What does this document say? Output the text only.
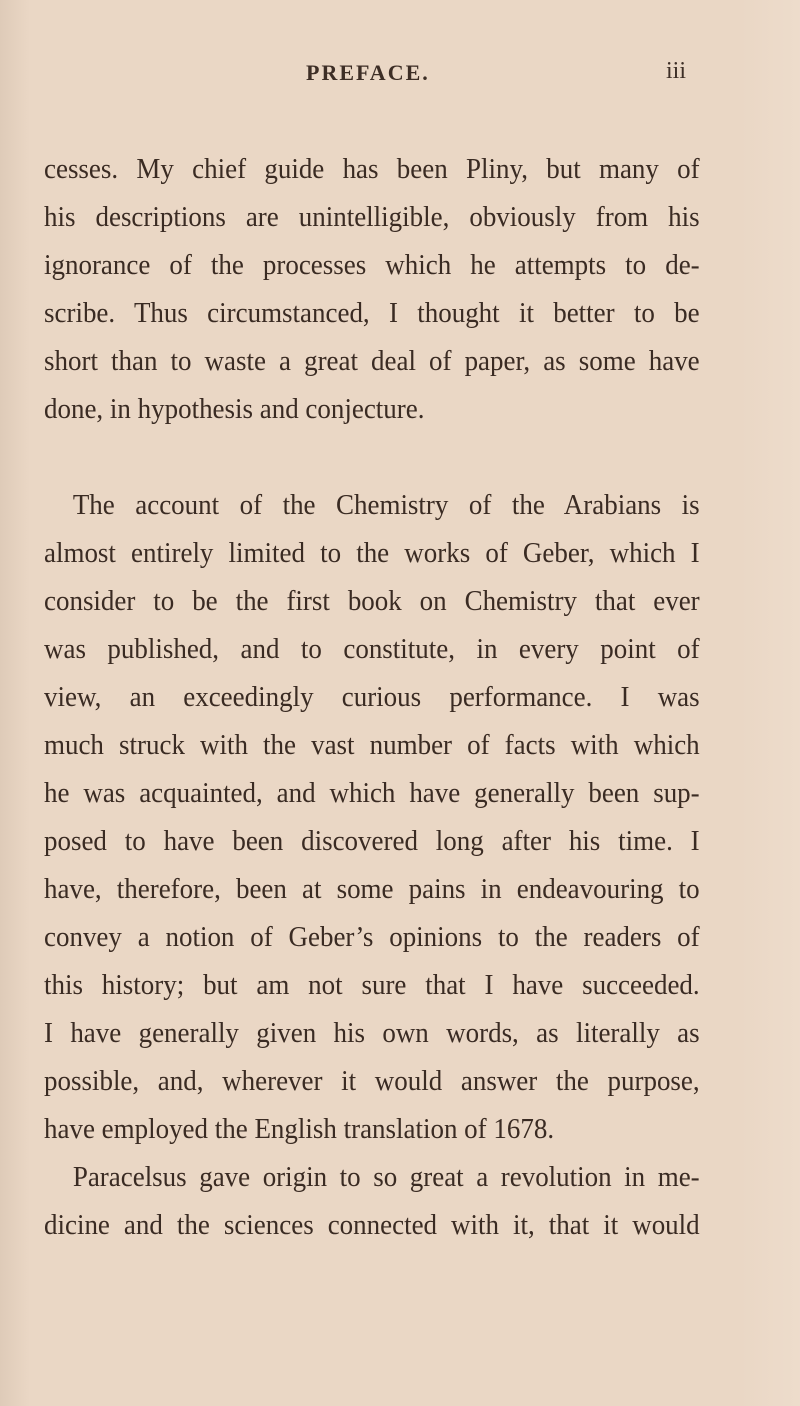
PREFACE.	iii
cesses. My chief guide has been Pliny, but many of
his descriptions are unintelligible, obviously from his
ignorance of the processes which he attempts to de-
scribe. Thus circumstanced, I thought it better to be
short than to waste a great deal of paper, as some have
done, in hypothesis and conjecture.
The account of the Chemistry of the Arabians is
almost entirely limited to the works of Geber, which I
consider to be the first book on Chemistry that ever
was published, and to constitute, in every point of
view, an exceedingly curious performance. I was
much struck with the vast number of facts with which
he was acquainted, and which have generally been sup-
posed to have been discovered long after his time. I
have, therefore, been at some pains in endeavouring to
convey a notion of Geber’s opinions to the readers of
this history; but am not sure that I have succeeded.
I have generally given his own words, as literally as
possible, and, wherever it would answer the purpose,
have employed the English translation of 1678.
Paracelsus gave origin to so great a revolution in me-
dicine and the sciences connected with it, that it would
